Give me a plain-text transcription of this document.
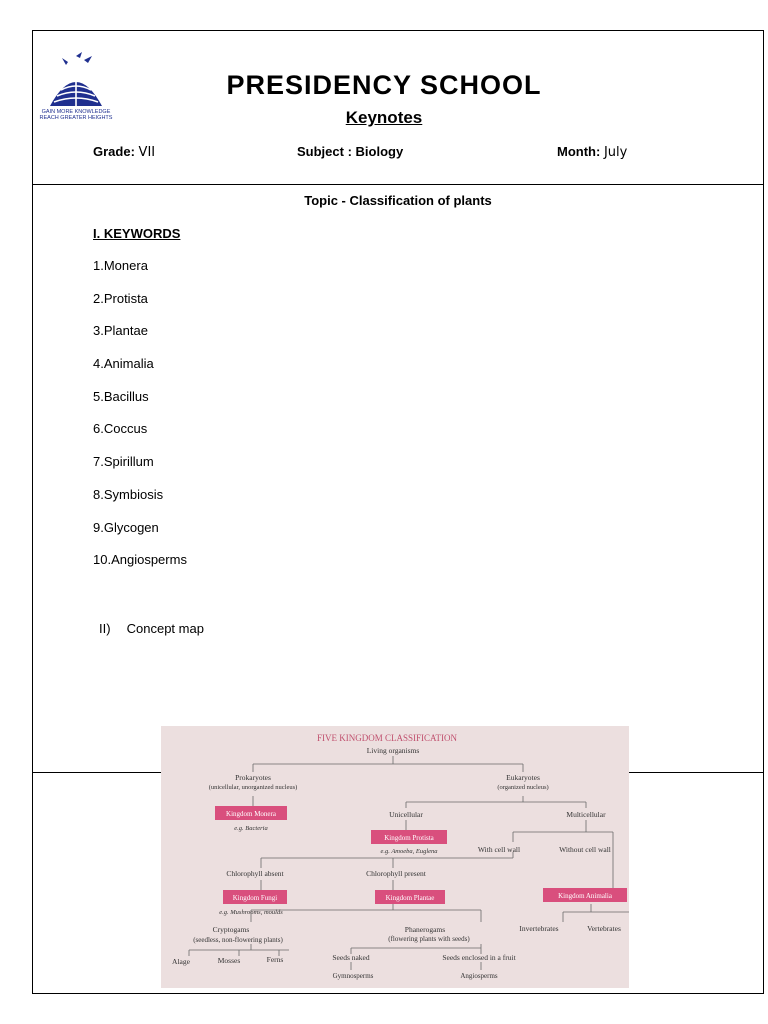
GAIN MORE KNOWLEDGE
REACH GREATER HEIGHTS
PRESIDENCY SCHOOL
Keynotes
Grade: VII	Subject : Biology	Month: July
Topic - Classification of plants
I. KEYWORDS
1.Monera
2.Protista
3.Plantae
4.Animalia
5.Bacillus
6.Coccus
7.Spirillum
8.Symbiosis
9.Glycogen
10.Angiosperms
II) Concept map
FIVE KINGDOM CLASSIFICATION
Living organisms
Prokaryotes
(unicellular, unorganized nucleus)
Eukaryotes
(organized nucleus)
Kingdom Monera
e.g. Bacteria
Unicellular	Multicellular
Kingdom Protista
e.g. Amoeba, Euglena	With cell wall	Without cell wall
Chlorophyll absent	Chlorophyll present
Kingdom Fungi
e.g. Mushrooms, moulds
Kingdom Plantae	Kingdom Animalia
Invertebrates	Vertebrates
Cryptogams
(seedless, non-flowering plants)
Phanerogams
(flowering plants with seeds)
Alage	Mosses	Ferns	Seeds naked	Seeds enclosed in a fruit
Gymnosperms	Angiosperms
